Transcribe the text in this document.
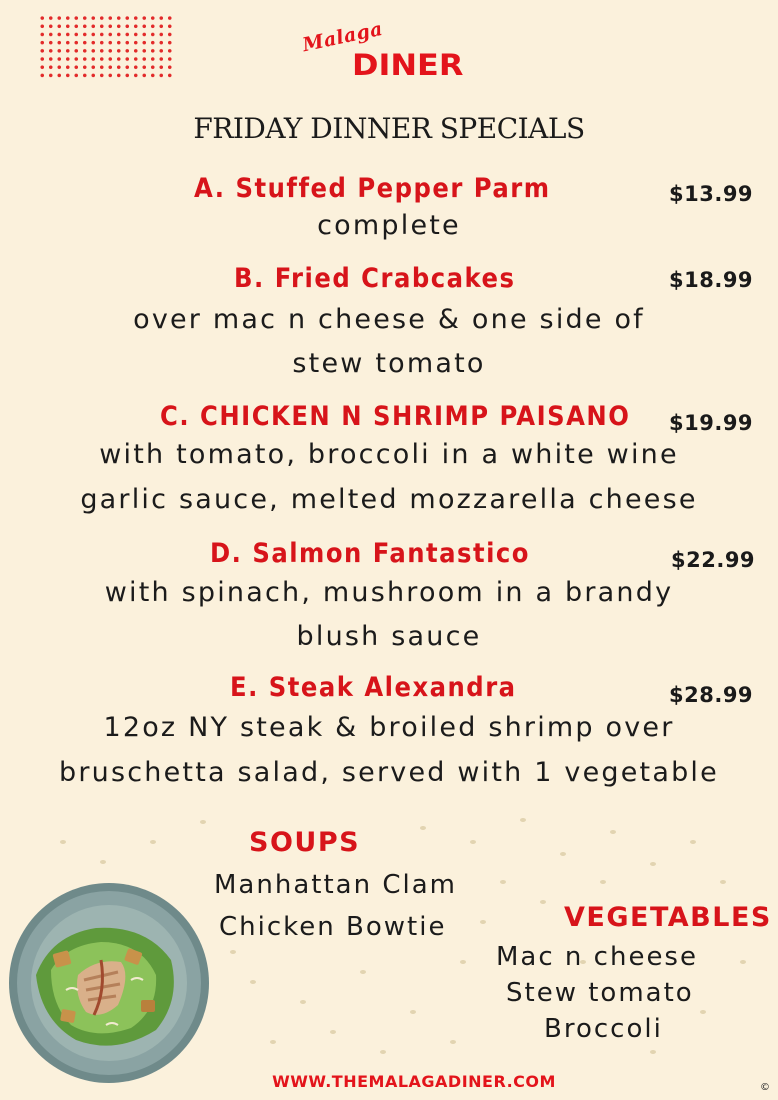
Malaga
DINER
FRIDAY DINNER SPECIALS
A. Stuffed Pepper Parm	$13.99
complete
B. Fried Crabcakes	$18.99
over mac n cheese & one side of
stew tomato
C. CHICKEN N SHRIMP PAISANO $19.99
with tomato, broccoli in a white wine
garlic sauce, melted mozzarella cheese
D. Salmon Fantastico	$22.99
with spinach, mushroom in a brandy
blush sauce
E. Steak Alexandra	$28.99
12oz NY steak & broiled shrimp over
bruschetta salad, served with 1 vegetable
SOUPS
Manhattan Clam
Chicken Bowtie	VEGETABLES
Mac n cheese
Stew tomato
Broccoli
WWW.THEMALAGADINER.COM	©
